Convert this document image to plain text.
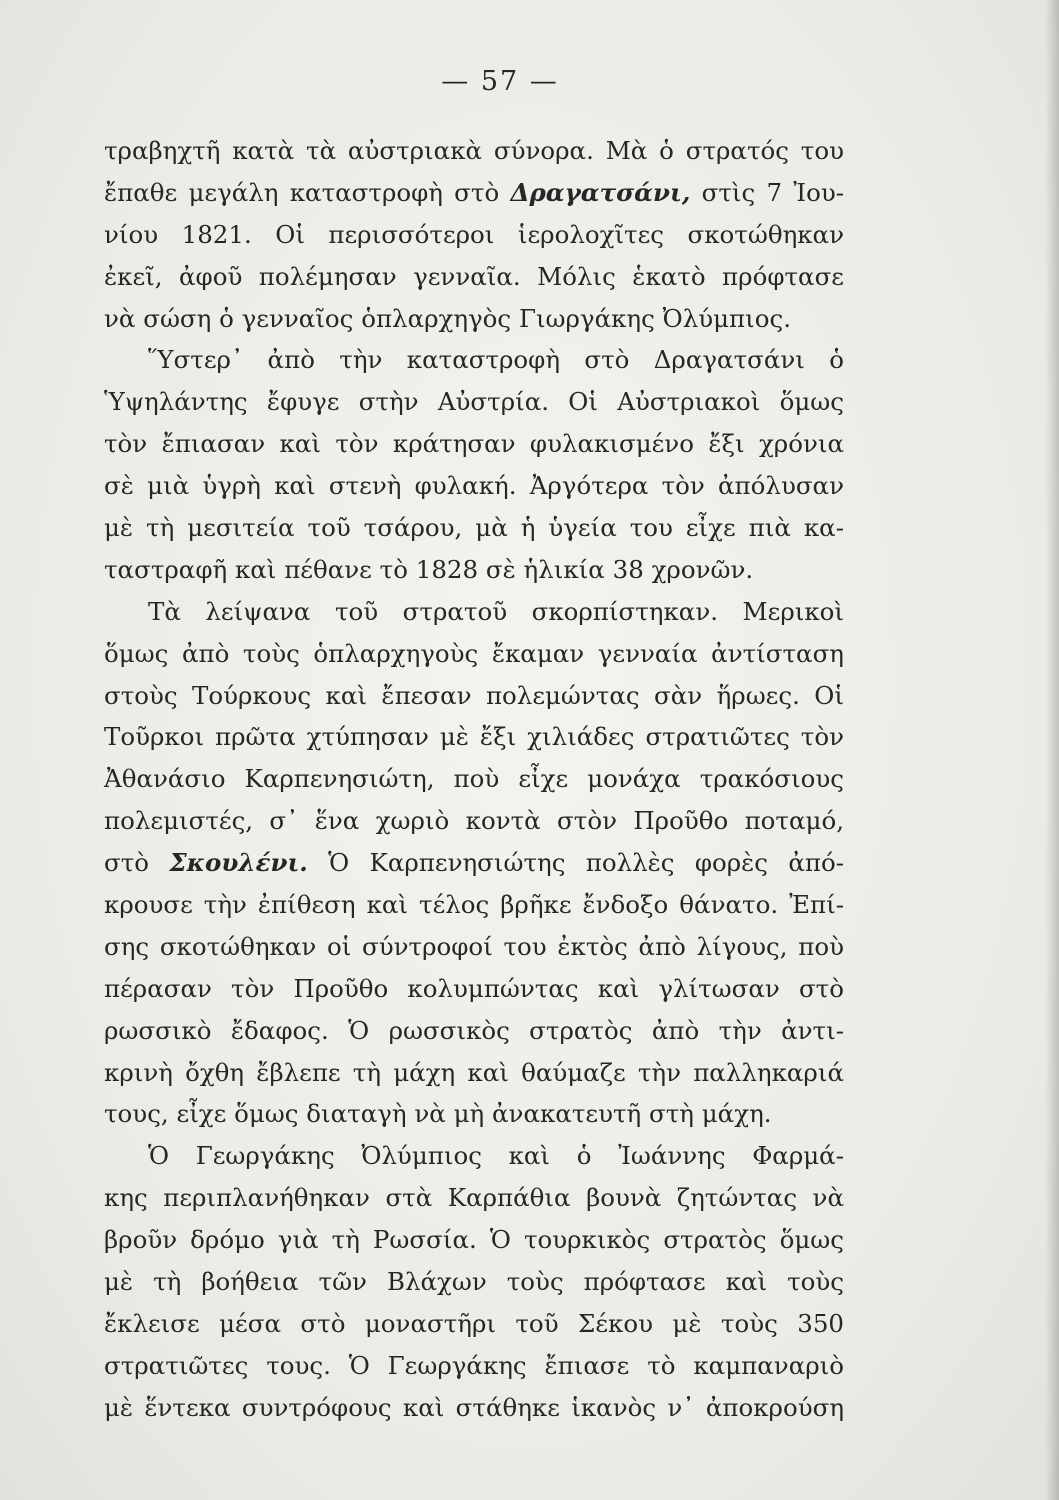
— 57 —
τραβηχτῆ κατὰ τὰ αὐστριακὰ σύνορα. Μὰ ὁ στρατός του
ἔπαθε μεγάλη καταστροφὴ στὸ Δραγατσάνι, στὶς 7 Ἰου-
νίου 1821. Οἱ περισσότεροι ἱερολοχῖτες σκοτώθηκαν
ἐκεῖ, ἀφοῦ πολέμησαν γενναῖα. Μόλις ἑκατὸ πρόφτασε
νὰ σώση ὁ γενναῖος ὁπλαρχηγὸς Γιωργάκης Ὀλύμπιος.
Ὕστερ᾽ ἀπὸ τὴν καταστροφὴ στὸ Δραγατσάνι ὁ
Ὑψηλάντης ἔφυγε στὴν Αὐστρία. Οἱ Αὐστριακοὶ ὅμως
τὸν ἔπιασαν καὶ τὸν κράτησαν φυλακισμένο ἔξι χρόνια
σὲ μιὰ ὑγρὴ καὶ στενὴ φυλακή. Ἀργότερα τὸν ἀπόλυσαν
μὲ τὴ μεσιτεία τοῦ τσάρου, μὰ ἡ ὑγεία του εἶχε πιὰ κα-
ταστραφῆ καὶ πέθανε τὸ 1828 σὲ ἡλικία 38 χρονῶν.
Τὰ λείψανα τοῦ στρατοῦ σκορπίστηκαν. Μερικοὶ
ὅμως ἀπὸ τοὺς ὁπλαρχηγοὺς ἔκαμαν γενναία ἀντίσταση
στοὺς Τούρκους καὶ ἔπεσαν πολεμώντας σὰν ἥρωες. Οἱ
Τοῦρκοι πρῶτα χτύπησαν μὲ ἔξι χιλιάδες στρατιῶτες τὸν
Ἀθανάσιο Καρπενησιώτη, ποὺ εἶχε μονάχα τρακόσιους
πολεμιστές, σ᾽ ἕνα χωριὸ κοντὰ στὸν Προῦθο ποταμό,
στὸ Σκουλένι. Ὁ Καρπενησιώτης πολλὲς φορὲς ἀπό-
κρουσε τὴν ἐπίθεση καὶ τέλος βρῆκε ἔνδοξο θάνατο. Ἐπί-
σης σκοτώθηκαν οἱ σύντροφοί του ἐκτὸς ἀπὸ λίγους, ποὺ
πέρασαν τὸν Προῦθο κολυμπώντας καὶ γλίτωσαν στὸ
ρωσσικὸ ἔδαφος. Ὁ ρωσσικὸς στρατὸς ἀπὸ τὴν ἀντι-
κρινὴ ὄχθη ἔβλεπε τὴ μάχη καὶ θαύμαζε τὴν παλληκαριά
τους, εἶχε ὅμως διαταγὴ νὰ μὴ ἀνακατευτῆ στὴ μάχη.
Ὁ Γεωργάκης Ὀλύμπιος καὶ ὁ Ἰωάννης Φαρμά-
κης περιπλανήθηκαν στὰ Καρπάθια βουνὰ ζητώντας νὰ
βροῦν δρόμο γιὰ τὴ Ρωσσία. Ὁ τουρκικὸς στρατὸς ὅμως
μὲ τὴ βοήθεια τῶν Βλάχων τοὺς πρόφτασε καὶ τοὺς
ἔκλεισε μέσα στὸ μοναστῆρι τοῦ Σέκου μὲ τοὺς 350
στρατιῶτες τους. Ὁ Γεωργάκης ἔπιασε τὸ καμπαναριὸ
μὲ ἕντεκα συντρόφους καὶ στάθηκε ἱκανὸς ν᾽ ἀποκρούση
